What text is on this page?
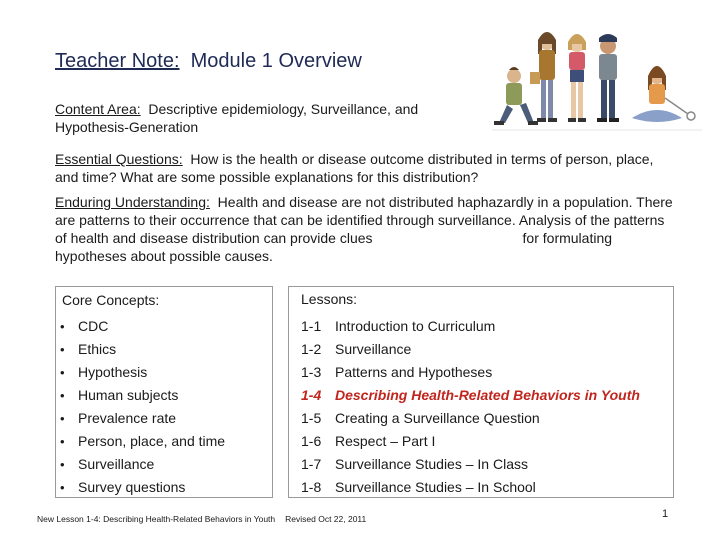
Teacher Note: Module 1 Overview
Content Area: Descriptive epidemiology, Surveillance, and Hypothesis-Generation
Essential Questions: How is the health or disease outcome distributed in terms of person, place, and time? What are some possible explanations for this distribution?
Enduring Understanding: Health and disease are not distributed haphazardly in a population. There are patterns to their occurrence that can be identified through surveillance. Analysis of the patterns of health and disease distribution can provide clues	for formulating hypotheses about possible causes.
Core Concepts:
• CDC
• Ethics
• Hypothesis
• Human subjects
• Prevalence rate
• Person, place, and time
• Surveillance
• Survey questions
Lessons:
1-1 Introduction to Curriculum
1-2 Surveillance
1-3 Patterns and Hypotheses
1-4 Describing Health-Related Behaviors in Youth
1-5 Creating a Surveillance Question
1-6 Respect – Part I
1-7 Surveillance Studies – In Class
1-8 Surveillance Studies – In School
New Lesson 1-4: Describing Health-Related Behaviors in Youth Revised Oct 22, 2011	1
